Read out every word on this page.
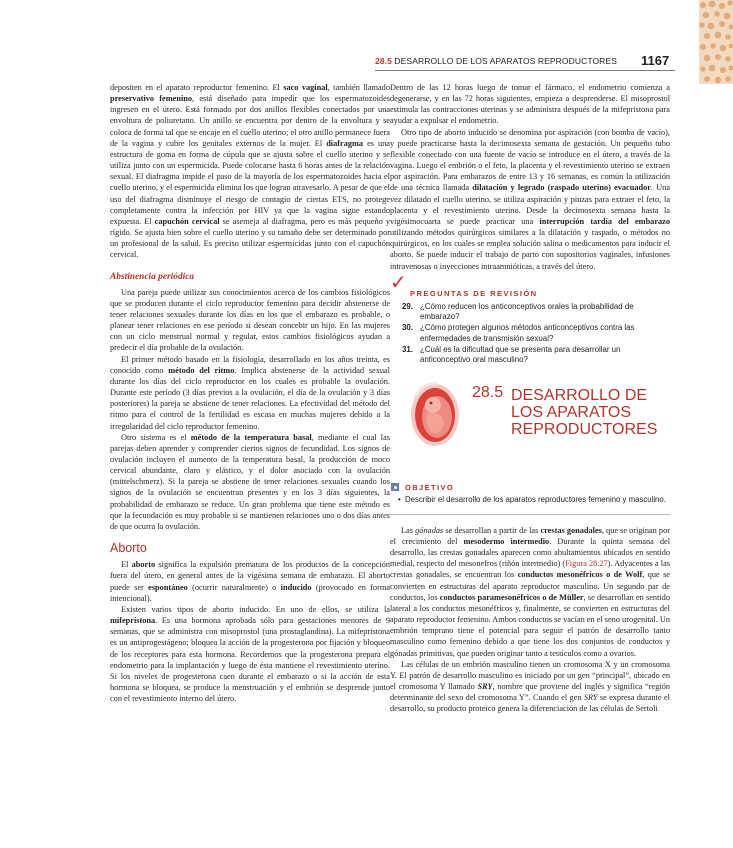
28.5 DESARROLLO DE LOS APARATOS REPRODUCTORES 1167

depositen en el aparato reproductor femenino. El saco vaginal, también llamado preservativo femenino, está diseñado para impedir que los espermatozoides ingresen en el útero. Está formado por dos anillos flexibles conectados por una envoltura de poliuretano. Un anillo se encuentra por dentro de la envoltura y se coloca de forma tal que se encaje en el cuello uterino; el otro anillo permanece fuera de la vagina y cubre los genitales externos de la mujer. El diafragma es una estructura de goma en forma de cúpula que se ajusta sobre el cuello uterino y se utiliza junto con un espermicida. Puede colocarse hasta 6 horas antes de la relación sexual. El diafragma impide el paso de la mayoría de los espermatozoides hacia el cuello uterino, y el espermicida elimina los que logran atravesarlo. A pesar de que el uso del diafragma disminuye el riesgo de contagio de ciertas ETS, no protege completamente contra la infección por HIV ya que la vagina sigue estando expuesta. El capuchón cervical se asemeja al diafragma, pero es más pequeño y rígido. Se ajusta bien sobre el cuello uterino y su tamaño debe ser determinado por un profesional de la salud. Es preciso utilizar espermicidas junto con el capuchón cervical.

Abstinencia periódica

Una pareja puede utilizar sus conocimientos acerca de los cambios fisiológicos que se producen durante el ciclo reproductor femenino para decidir abstenerse de tener relaciones sexuales durante los días en los que el embarazo es probable, o planear tener relaciones en ese período si desean concebir un hijo. En las mujeres con un ciclo menstrual normal y regular, estos cambios fisiológicos ayudan a predecir el día probable de la ovulación.

El primer método basado en la fisiología, desarrollado en los años treinta, es conocido como método del ritmo. Implica abstenerse de la actividad sexual durante los días del ciclo reproductor en los cuales es probable la ovulación. Durante este período (3 días previos a la ovulación, el día de la ovulación y 3 días posteriores) la pareja se abstiene de tener relaciones. La efectividad del método del ritmo para el control de la fertilidad es escasa en muchas mujeres debido a la irregularidad del ciclo reproductor femenino.

Otro sistema es el método de la temperatura basal, mediante el cual las parejas deben aprender y comprender ciertos signos de fecundidad. Los signos de ovulación incluyen el aumento de la temperatura basal, la producción de moco cervical abundante, claro y elástico, y el dolor asociado con la ovulación (mittelschmerz). Si la pareja se abstiene de tener relaciones sexuales cuando los signos de la ovulación se encuentran presentes y en los 3 días siguientes, la probabilidad de embarazo se reduce. Un gran problema que tiene este método es que la fecundación es muy probable si se mantienen relaciones uno o dos días antes de que ocurra la ovulación.

Aborto

El aborto significa la expulsión prematura de los productos de la concepción fuera del útero, en general antes de la vigésima semana de embarazo. El aborto puede ser espontáneo (ocurrir naturalmente) o inducido (provocado en forma intencional).

Existen varios tipos de aborto inducido. En uno de ellos, se utiliza la mifepristona. Es una hormona aprobada sólo para gestaciones menores de 9 semanas, que se administra con misoprostol (una prostaglandina). La mifepristona es un antiprogestágeno; bloquea la acción de la progesterona por fijación y bloqueo de los receptores para esta hormona. Recordemos que la progesterona prepara el endometrio para la implantación y luego de ésta mantiene el revestimiento uterino. Si los niveles de progesterona caen durante el embarazo o si la acción de esta hormona se bloquea, se produce la menstruación y el embrión se desprende junto con el revestimiento interno del útero.

Dentro de las 12 horas luego de tomar el fármaco, el endometrio comienza a degenerarse, y en las 72 horas siguientes, empieza a desprenderse. El misoprostol estimula las contracciones uterinas y se administra después de la mifepristona para ayudar a expulsar el endometrio.

Otro tipo de aborto inducido se denomina por aspiración (con bomba de vacío), y puede practicarse hasta la decimosexta semana de gestación. Un pequeño tubo flexible conectado con una fuente de vacío se introduce en el útero, a través de la vagina. Luego el embrión o el feto, la placenta y el revestimiento uterino se extraen por aspiración. Para embarazos de entre 13 y 16 semanas, es común la utilización de una técnica llamada dilatación y legrado (raspado uterino) evacuador. Una vez dilatado el cuello uterino, se utiliza aspiración y pinzas para extraer el feto, la placenta y el revestimiento uterino. Desde la decimosexta semana hasta la vigésimocuarta se puede practicar una interrupción tardía del embarazo utilizando métodos quirúrgicos similares a la dilatación y raspado, o métodos no quirúrgicos, en los cuales se emplea solución salina o medicamentos para inducir el aborto. Se puede inducir el trabajo de parto con supositorios vaginales, infusiones intravenosas o inyecciones intraamnióticas, a través del útero.

✓ PREGUNTAS DE REVISIÓN
29. ¿Cómo reducen los anticonceptivos orales la probabilidad de embarazo?
30. ¿Cómo protegen algunos métodos anticonceptivos contra las enfermedades de transmisión sexual?
31. ¿Cuál es la dificultad que se presenta para desarrollar un anticonceptivo oral masculino?
28.5 DESARROLLO DE LOS APARATOS REPRODUCTORES
OBJETIVO
• Describir el desarrollo de los aparatos reproductores femenino y masculino.

Las gónadas se desarrollan a partir de las crestas gonadales, que se originan por el crecimiento del mesodermo intermedio. Durante la quinta semana del desarrollo, las crestas gonadales aparecen como abultamientos ubicados en sentido medial, respecto del mesonefros (riñón intermedio) (Figura 28.27). Adyacentes a las crestas gonadales, se encuentran los conductos mesonéfricos o de Wolf, que se convierten en estructuras del aparato reproductor masculino. Un segundo par de conductos, los conductos paramesonéfricos o de Müller, se desarrollan en sentido lateral a los conductos mesonéfricos y, finalmente, se convierten en estructuras del aparato reproductor femenino. Ambos conductos se vacían en el seno urogenital. Un embrión temprano tiene el potencial para seguir el patrón de desarrollo tanto masculino como femenino debido a que tiene los dos conjuntos de conductos y gónadas primitivas, que pueden originar tanto a testículos como a ovarios.

Las células de un embrión masculino tienen un cromosoma X y un cromosoma Y. El patrón de desarrollo masculino es iniciado por un gen “principal”, ubicado en el cromosoma Y llamado SRY, nombre que proviene del inglés y significa “región determinante del sexo del cromosoma Y”. Cuando el gen SRY se expresa durante el desarrollo, su producto proteico genera la diferenciación de las células de Sertoli
